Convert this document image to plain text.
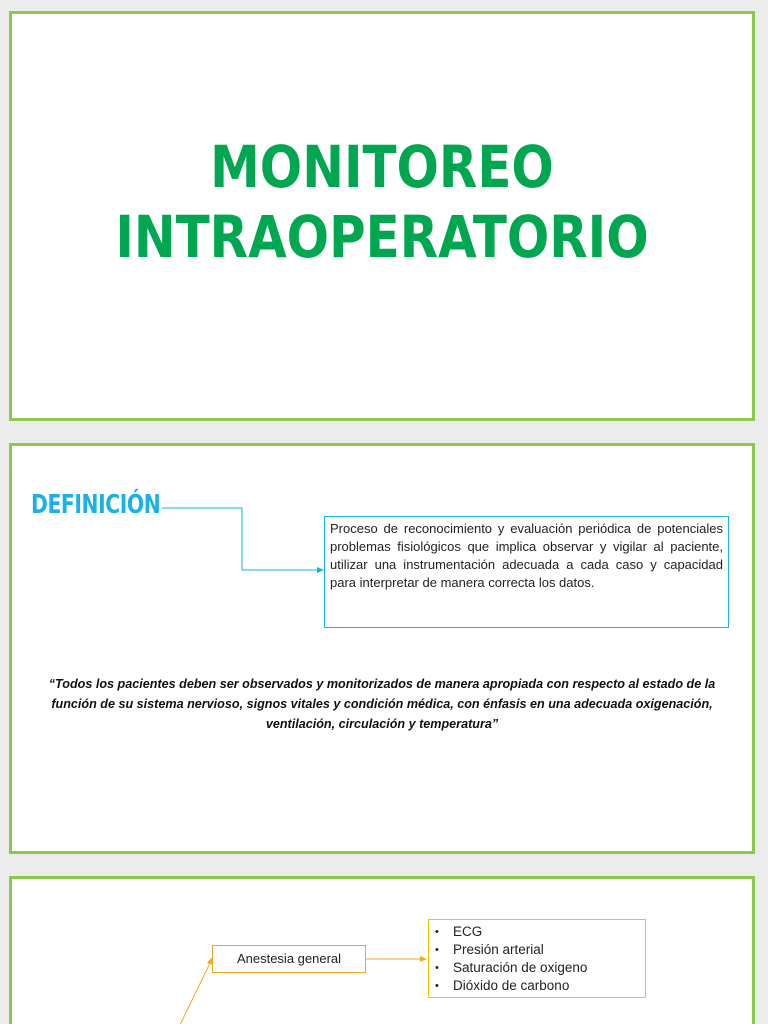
MONITOREO
INTRAOPERATORIO
DEFINICIÓN
Proceso de reconocimiento y evaluación periódica de potenciales problemas fisiológicos que implica observar y vigilar al paciente, utilizar una instrumentación adecuada a cada caso y capacidad para interpretar de manera correcta los datos.
“Todos los pacientes deben ser observados y monitorizados de manera apropiada con respecto al estado de la función de su sistema nervioso, signos vitales y condición médica, con énfasis en una adecuada oxigenación, ventilación, circulación y temperatura”
Anestesia general
• ECG
• Presión arterial
• Saturación de oxigeno
• Dióxido de carbono
